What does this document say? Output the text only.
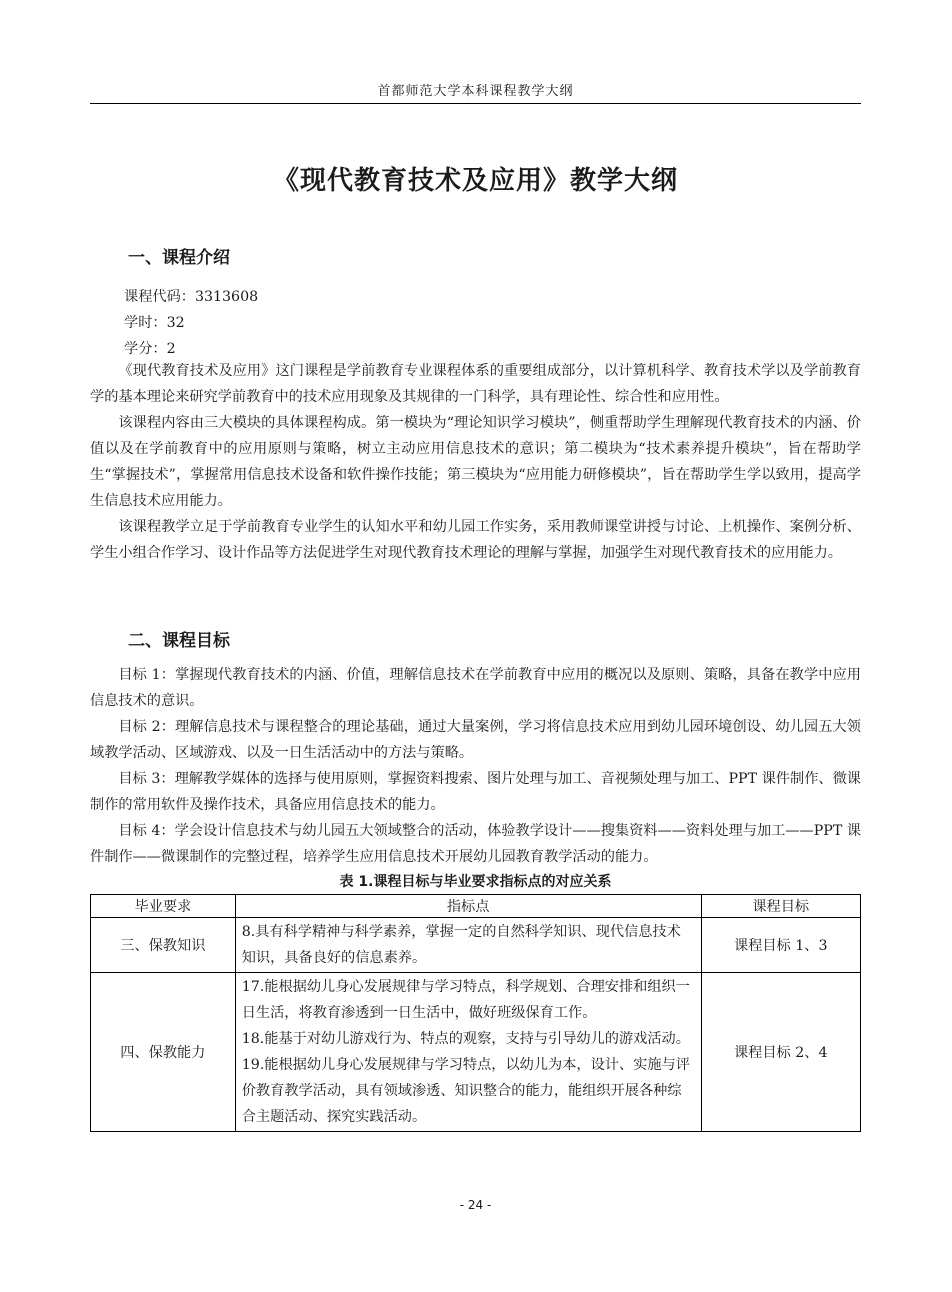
首都师范大学本科课程教学大纲
《现代教育技术及应用》教学大纲
一、课程介绍
课程代码：3313608
学时：32
学分：2

《现代教育技术及应用》这门课程是学前教育专业课程体系的重要组成部分，以计算机科学、教育技术学以及学前教育学的基本理论来研究学前教育中的技术应用现象及其规律的一门科学，具有理论性、综合性和应用性。

该课程内容由三大模块的具体课程构成。第一模块为“理论知识学习模块”，侧重帮助学生理解现代教育技术的内涵、价值以及在学前教育中的应用原则与策略，树立主动应用信息技术的意识；第二模块为“技术素养提升模块”，旨在帮助学生“掌握技术”，掌握常用信息技术设备和软件操作技能；第三模块为“应用能力研修模块”，旨在帮助学生学以致用，提高学生信息技术应用能力。

该课程教学立足于学前教育专业学生的认知水平和幼儿园工作实务，采用教师课堂讲授与讨论、上机操作、案例分析、学生小组合作学习、设计作品等方法促进学生对现代教育技术理论的理解与掌握，加强学生对现代教育技术的应用能力。

二、课程目标

目标 1：掌握现代教育技术的内涵、价值，理解信息技术在学前教育中应用的概况以及原则、策略，具备在教学中应用信息技术的意识。

目标 2：理解信息技术与课程整合的理论基础，通过大量案例，学习将信息技术应用到幼儿园环境创设、幼儿园五大领域教学活动、区域游戏、以及一日生活活动中的方法与策略。

目标 3：理解教学媒体的选择与使用原则，掌握资料搜索、图片处理与加工、音视频处理与加工、PPT 课件制作、微课制作的常用软件及操作技术，具备应用信息技术的能力。

目标 4：学会设计信息技术与幼儿园五大领域整合的活动，体验教学设计——搜集资料——资料处理与加工——PPT 课件制作——微课制作的完整过程，培养学生应用信息技术开展幼儿园教育教学活动的能力。

表 1.课程目标与毕业要求指标点的对应关系
毕业要求	指标点	课程目标
三、保教知识	8.具有科学精神与科学素养，掌握一定的自然科学知识、现代信息技术知识，具备良好的信息素养。	课程目标 1、3
四、保教能力	17.能根据幼儿身心发展规律与学习特点，科学规划、合理安排和组织一日生活，将教育渗透到一日生活中，做好班级保育工作。
18.能基于对幼儿游戏行为、特点的观察，支持与引导幼儿的游戏活动。
19.能根据幼儿身心发展规律与学习特点，以幼儿为本，设计、实施与评价教育教学活动，具有领域渗透、知识整合的能力，能组织开展各种综合主题活动、探究实践活动。	课程目标 2、4
- 24 -
